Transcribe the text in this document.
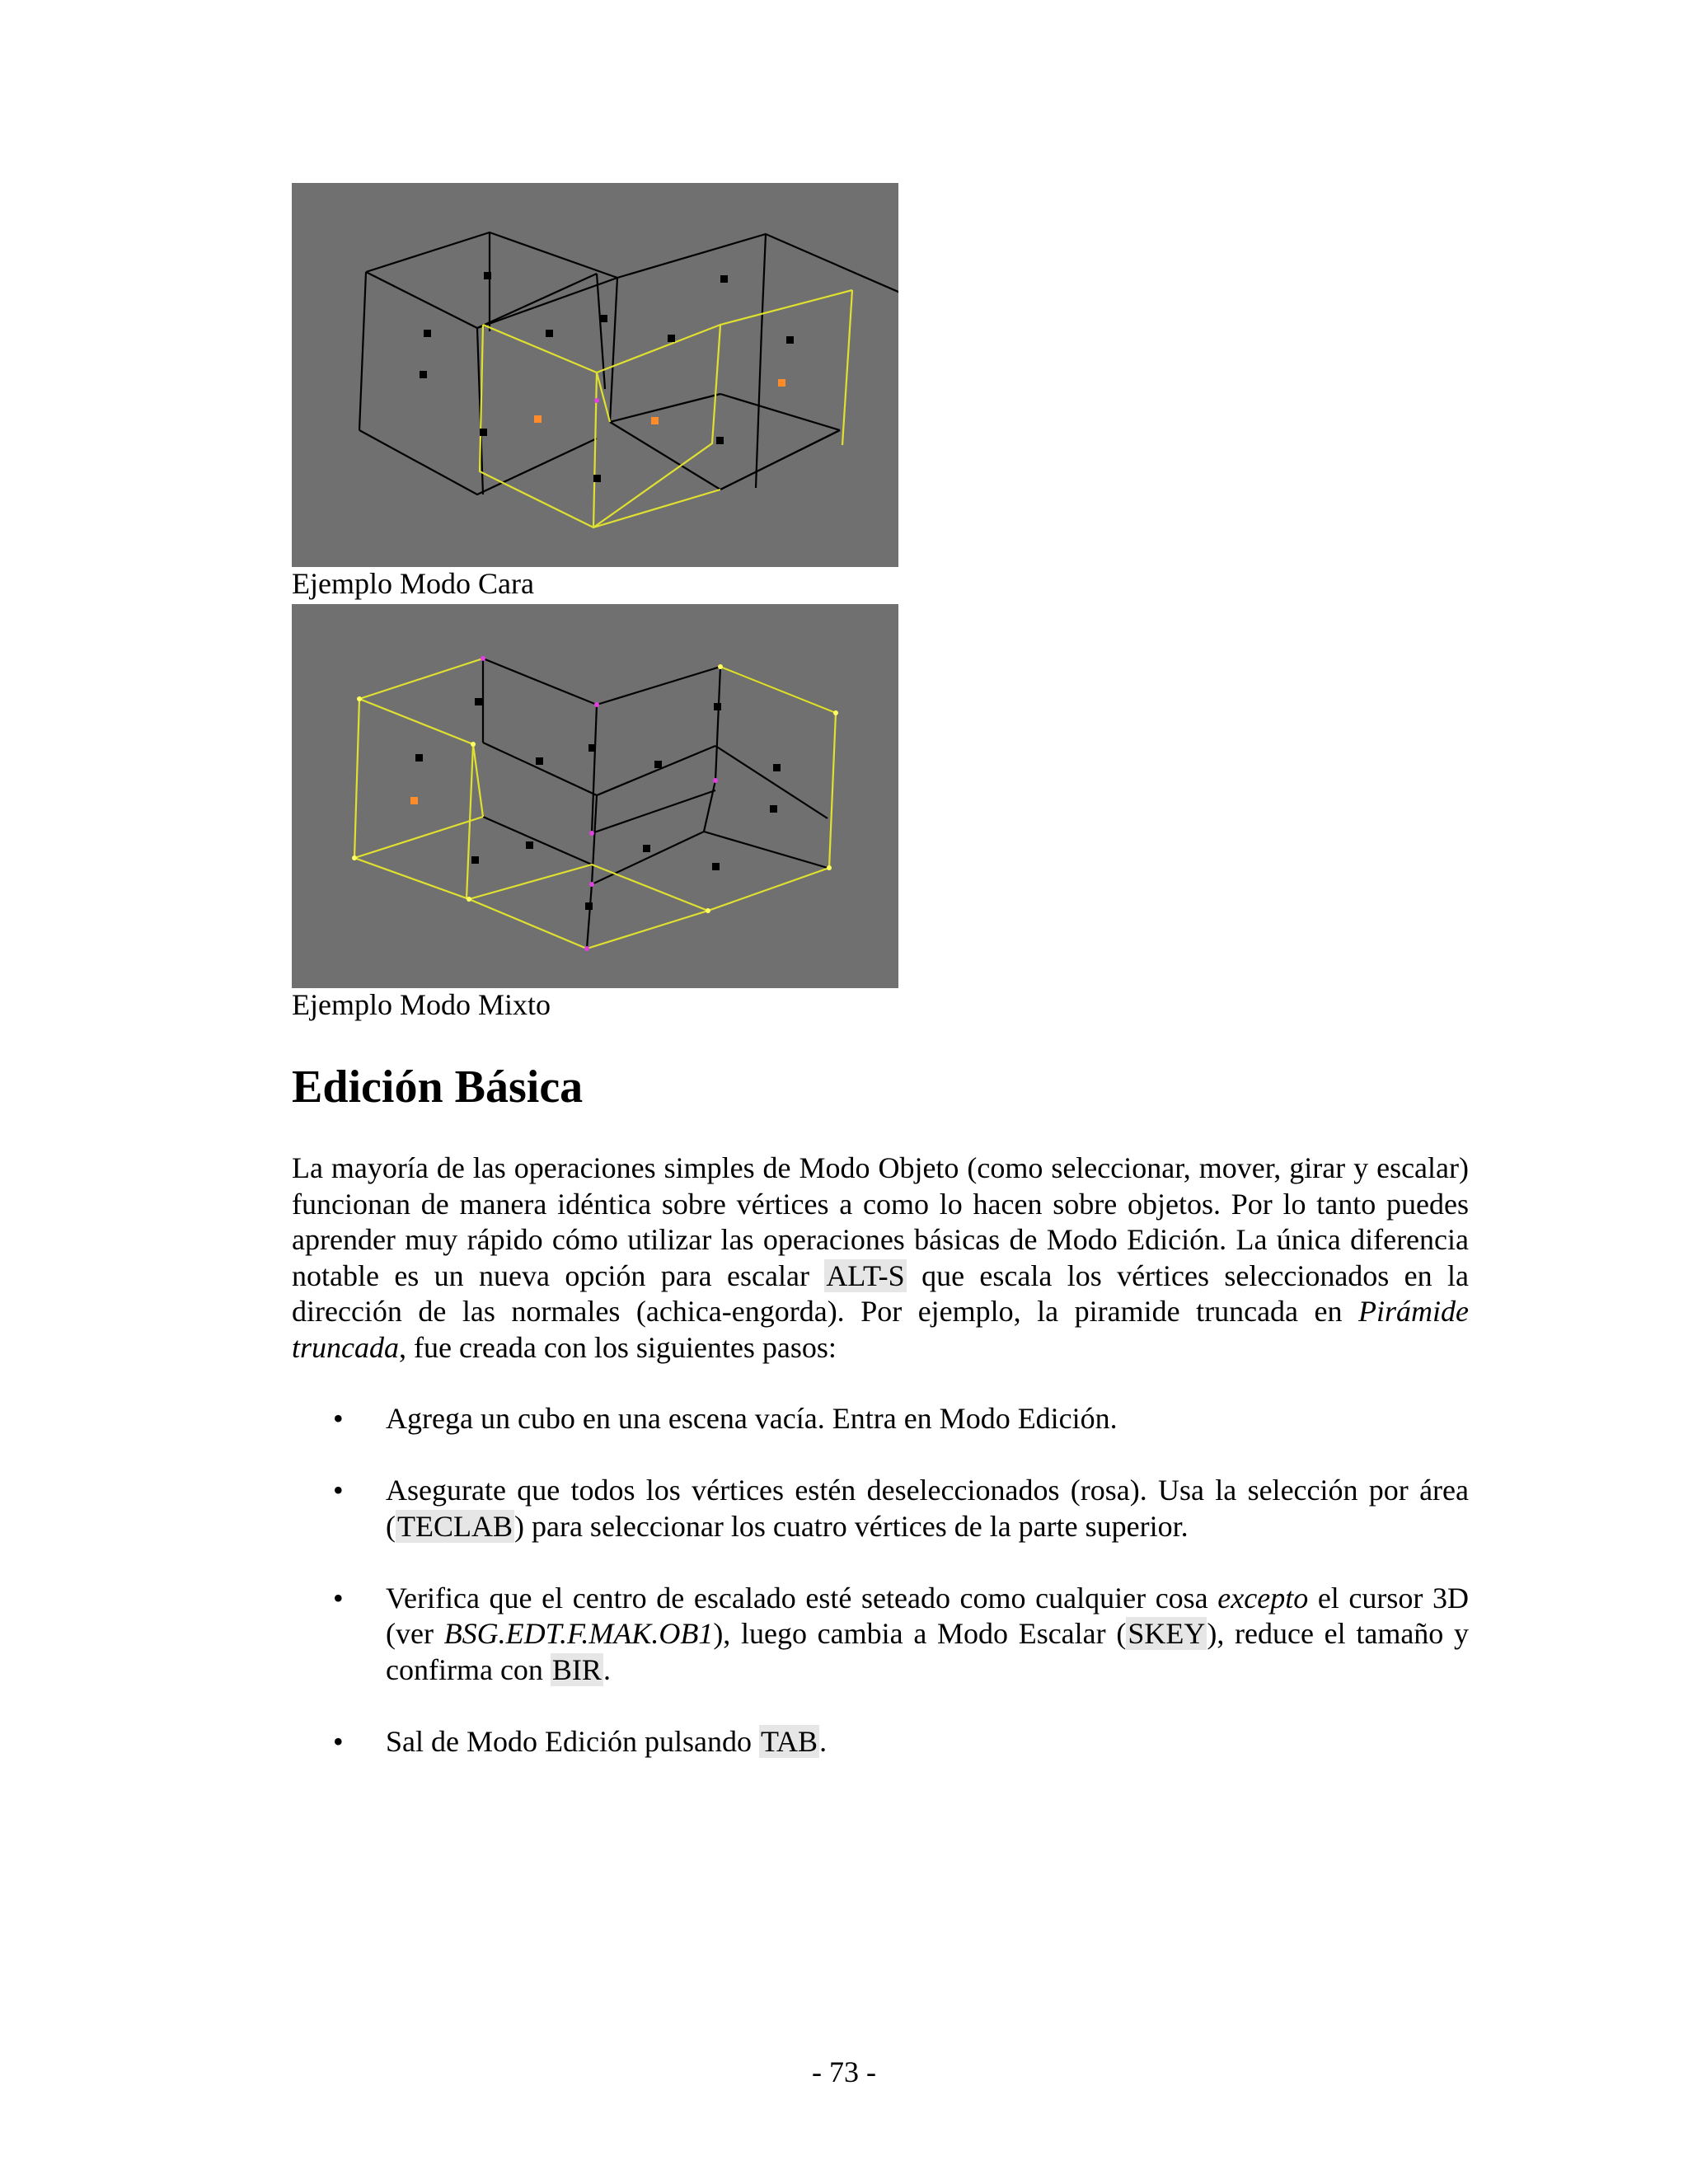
Ejemplo Modo Cara
Ejemplo Modo Mixto
Edición Básica

La mayoría de las operaciones simples de Modo Objeto (como seleccionar, mover, girar y escalar) funcionan de manera idéntica sobre vértices a como lo hacen sobre objetos. Por lo tanto puedes aprender muy rápido cómo utilizar las operaciones básicas de Modo Edición. La única diferencia notable es un nueva opción para escalar ALT-S que escala los vértices seleccionados en la dirección de las normales (achica-engorda). Por ejemplo, la piramide truncada en Pirámide truncada, fue creada con los siguientes pasos:

• Agrega un cubo en una escena vacía. Entra en Modo Edición.
• Asegurate que todos los vértices estén deseleccionados (rosa). Usa la selección por área (TECLAB) para seleccionar los cuatro vértices de la parte superior.
• Verifica que el centro de escalado esté seteado como cualquier cosa excepto el cursor 3D (ver BSG.EDT.F.MAK.OB1), luego cambia a Modo Escalar (SKEY), reduce el tamaño y confirma con BIR.
• Sal de Modo Edición pulsando TAB.
- 73 -
